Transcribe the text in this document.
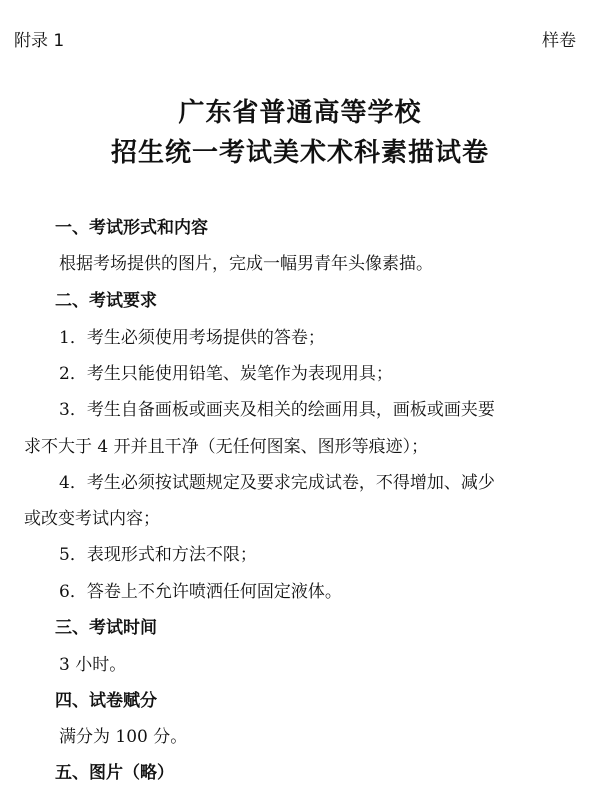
附录 1	样卷
广东省普通高等学校
招生统一考试美术术科素描试卷
一、考试形式和内容
根据考场提供的图片，完成一幅男青年头像素描。
二、考试要求
1．考生必须使用考场提供的答卷；
2．考生只能使用铅笔、炭笔作为表现用具；
3．考生自备画板或画夹及相关的绘画用具，画板或画夹要
求不大于 4 开并且干净（无任何图案、图形等痕迹）；
4．考生必须按试题规定及要求完成试卷，不得增加、减少
或改变考试内容；
5．表现形式和方法不限；
6．答卷上不允许喷洒任何固定液体。
三、考试时间
3 小时。
四、试卷赋分
满分为 100 分。
五、图片（略）
